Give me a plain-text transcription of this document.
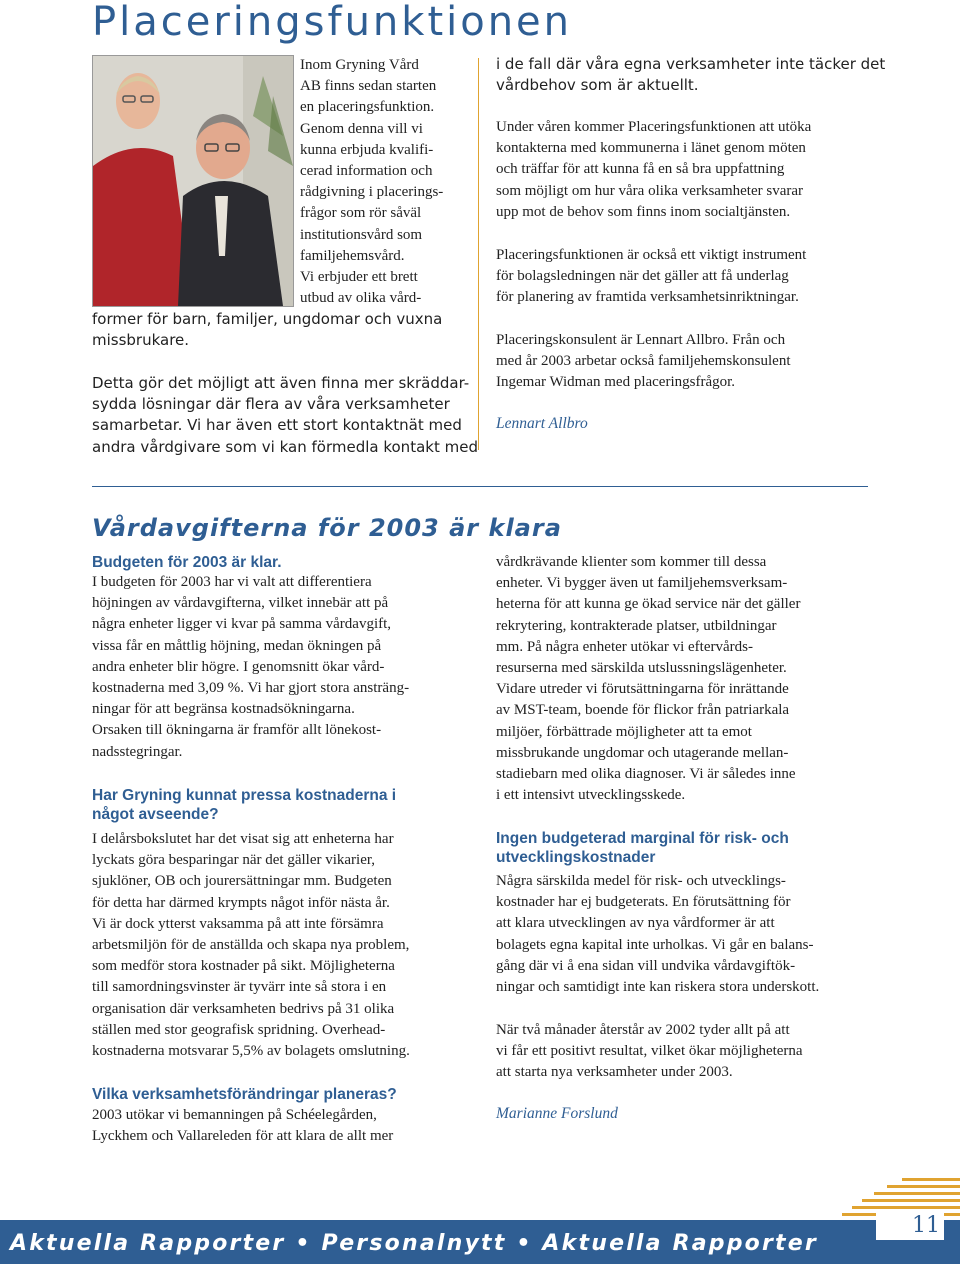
Placeringsfunktionen
Inom Gryning Vård
AB finns sedan starten
en placeringsfunktion.
Genom denna vill vi
kunna erbjuda kvalifi-
cerad information och
rådgivning i placerings-
frågor som rör såväl
institutionsvård som
familjehemsvård.
Vi erbjuder ett brett
utbud av olika vård-
former för barn, familjer, ungdomar och vuxna
missbrukare.
Detta gör det möjligt att även finna mer skräddar-
sydda lösningar där flera av våra verksamheter
samarbetar. Vi har även ett stort kontaktnät med
andra vårdgivare som vi kan förmedla kontakt med
i de fall där våra egna verksamheter inte täcker det
vårdbehov som är aktuellt.
Under våren kommer Placeringsfunktionen att utöka
kontakterna med kommunerna i länet genom möten
och träffar för att kunna få en så bra uppfattning
som möjligt om hur våra olika verksamheter svarar
upp mot de behov som finns inom socialtjänsten.
Placeringsfunktionen är också ett viktigt instrument
för bolagsledningen när det gäller att få underlag
för planering av framtida verksamhetsinriktningar.
Placeringskonsulent är Lennart Allbro. Från och
med år 2003 arbetar också familjehemskonsulent
Ingemar Widman med placeringsfrågor.
Lennart Allbro
Vårdavgifterna för 2003 är klara
Budgeten för 2003 är klar.
I budgeten för 2003 har vi valt att differentiera
höjningen av vårdavgifterna, vilket innebär att på
några enheter ligger vi kvar på samma vårdavgift,
vissa får en måttlig höjning, medan ökningen på
andra enheter blir högre. I genomsnitt ökar vård-
kostnaderna med 3,09 %. Vi har gjort stora ansträng-
ningar för att begränsa kostnadsökningarna.
Orsaken till ökningarna är framför allt lönekost-
nadsstegringar.
Har Gryning kunnat pressa kostnaderna i
något avseende?
I delårsbokslutet har det visat sig att enheterna har
lyckats göra besparingar när det gäller vikarier,
sjuklöner, OB och jourersättningar mm. Budgeten
för detta har därmed krympts något inför nästa år.
Vi är dock ytterst vaksamma på att inte försämra
arbetsmiljön för de anställda och skapa nya problem,
som medför stora kostnader på sikt. Möjligheterna
till samordningsvinster är tyvärr inte så stora i en
organisation där verksamheten bedrivs på 31 olika
ställen med stor geografisk spridning. Overhead-
kostnaderna motsvarar 5,5% av bolagets omslutning.
Vilka verksamhetsförändringar planeras?
2003 utökar vi bemanningen på Schéelegården,
Lyckhem och Vallareleden för att klara de allt mer
vårdkrävande klienter som kommer till dessa
enheter. Vi bygger även ut familjehemsverksam-
heterna för att kunna ge ökad service när det gäller
rekrytering, kontrakterade platser, utbildningar
mm. På några enheter utökar vi eftervårds-
resurserna med särskilda utslussningslägenheter.
Vidare utreder vi förutsättningarna för inrättande
av MST-team, boende för flickor från patriarkala
miljöer, förbättrade möjligheter att ta emot
missbrukande ungdomar och utagerande mellan-
stadiebarn med olika diagnoser. Vi är således inne
i ett intensivt utvecklingsskede.
Ingen budgeterad marginal för risk- och
utvecklingskostnader
Några särskilda medel för risk- och utvecklings-
kostnader har ej budgeterats. En förutsättning för
att klara utvecklingen av nya vårdformer är att
bolagets egna kapital inte urholkas. Vi går en balans-
gång där vi å ena sidan vill undvika vårdavgiftök-
ningar och samtidigt inte kan riskera stora underskott.
När två månader återstår av 2002 tyder allt på att
vi får ett positivt resultat, vilket ökar möjligheterna
att starta nya verksamheter under 2003.
Marianne Forslund
Aktuella Rapporter • Personalnytt • Aktuella Rapporter
11
